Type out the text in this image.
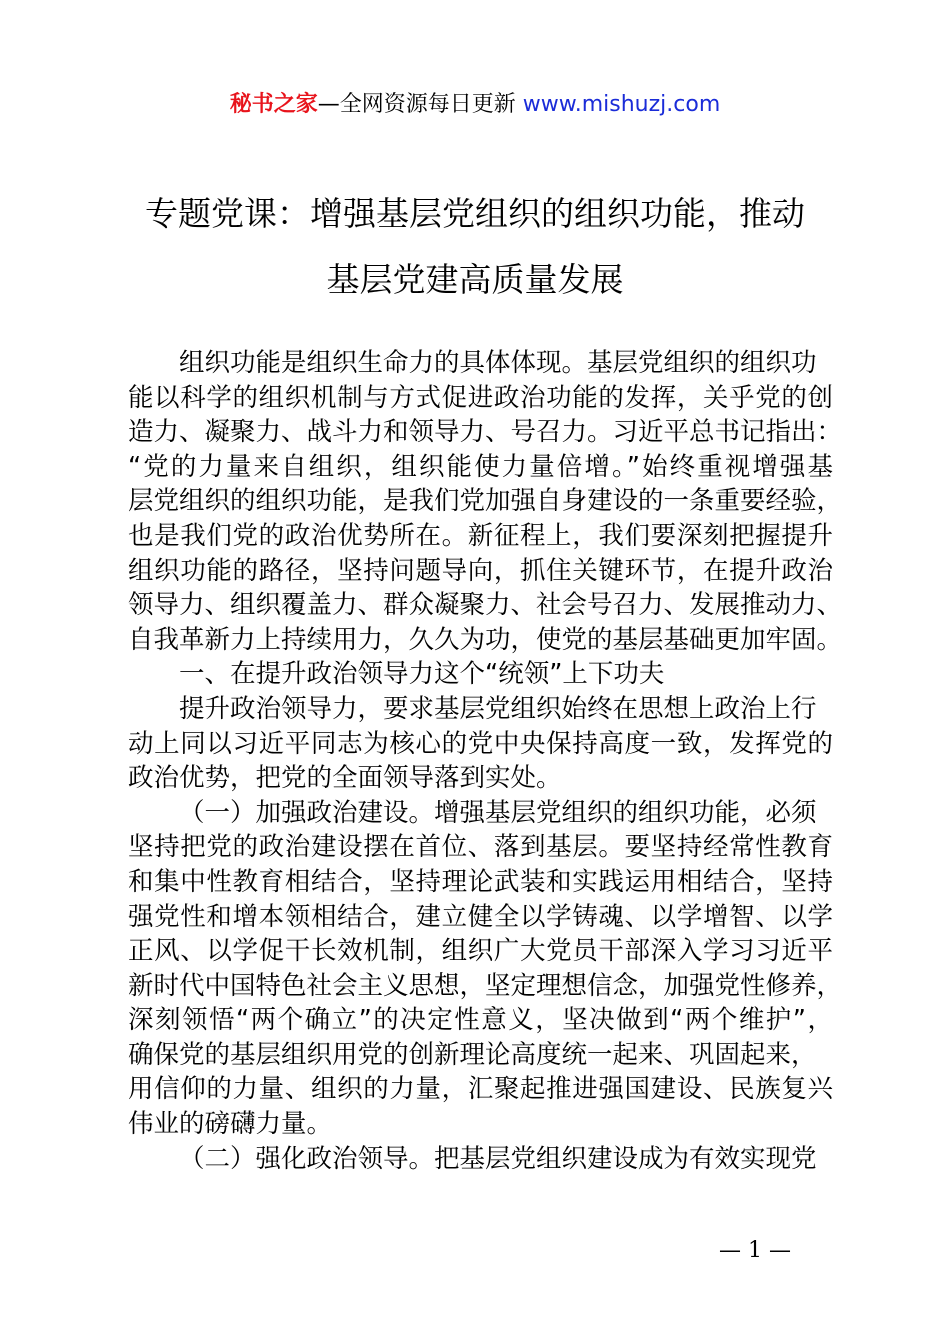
秘书之家—全网资源每日更新 www.mishuzj.com
专题党课：增强基层党组织的组织功能，推动
基层党建高质量发展
组织功能是组织生命力的具体体现。基层党组织的组织功
能以科学的组织机制与方式促进政治功能的发挥，关乎党的创
造力、凝聚力、战斗力和领导力、号召力。习近平总书记指出：
“党的力量来自组织，组织能使力量倍增。”始终重视增强基
层党组织的组织功能，是我们党加强自身建设的一条重要经验，
也是我们党的政治优势所在。新征程上，我们要深刻把握提升
组织功能的路径，坚持问题导向，抓住关键环节，在提升政治
领导力、组织覆盖力、群众凝聚力、社会号召力、发展推动力、
自我革新力上持续用力，久久为功，使党的基层基础更加牢固。
一、在提升政治领导力这个“统领”上下功夫
提升政治领导力，要求基层党组织始终在思想上政治上行
动上同以习近平同志为核心的党中央保持高度一致，发挥党的
政治优势，把党的全面领导落到实处。
（一）加强政治建设。增强基层党组织的组织功能，必须
坚持把党的政治建设摆在首位、落到基层。要坚持经常性教育
和集中性教育相结合，坚持理论武装和实践运用相结合，坚持
强党性和增本领相结合，建立健全以学铸魂、以学增智、以学
正风、以学促干长效机制，组织广大党员干部深入学习习近平
新时代中国特色社会主义思想，坚定理想信念，加强党性修养，
深刻领悟“两个确立”的决定性意义，坚决做到“两个维护”，
确保党的基层组织用党的创新理论高度统一起来、巩固起来，
用信仰的力量、组织的力量，汇聚起推进强国建设、民族复兴
伟业的磅礴力量。
（二）强化政治领导。把基层党组织建设成为有效实现党
— 1 —
